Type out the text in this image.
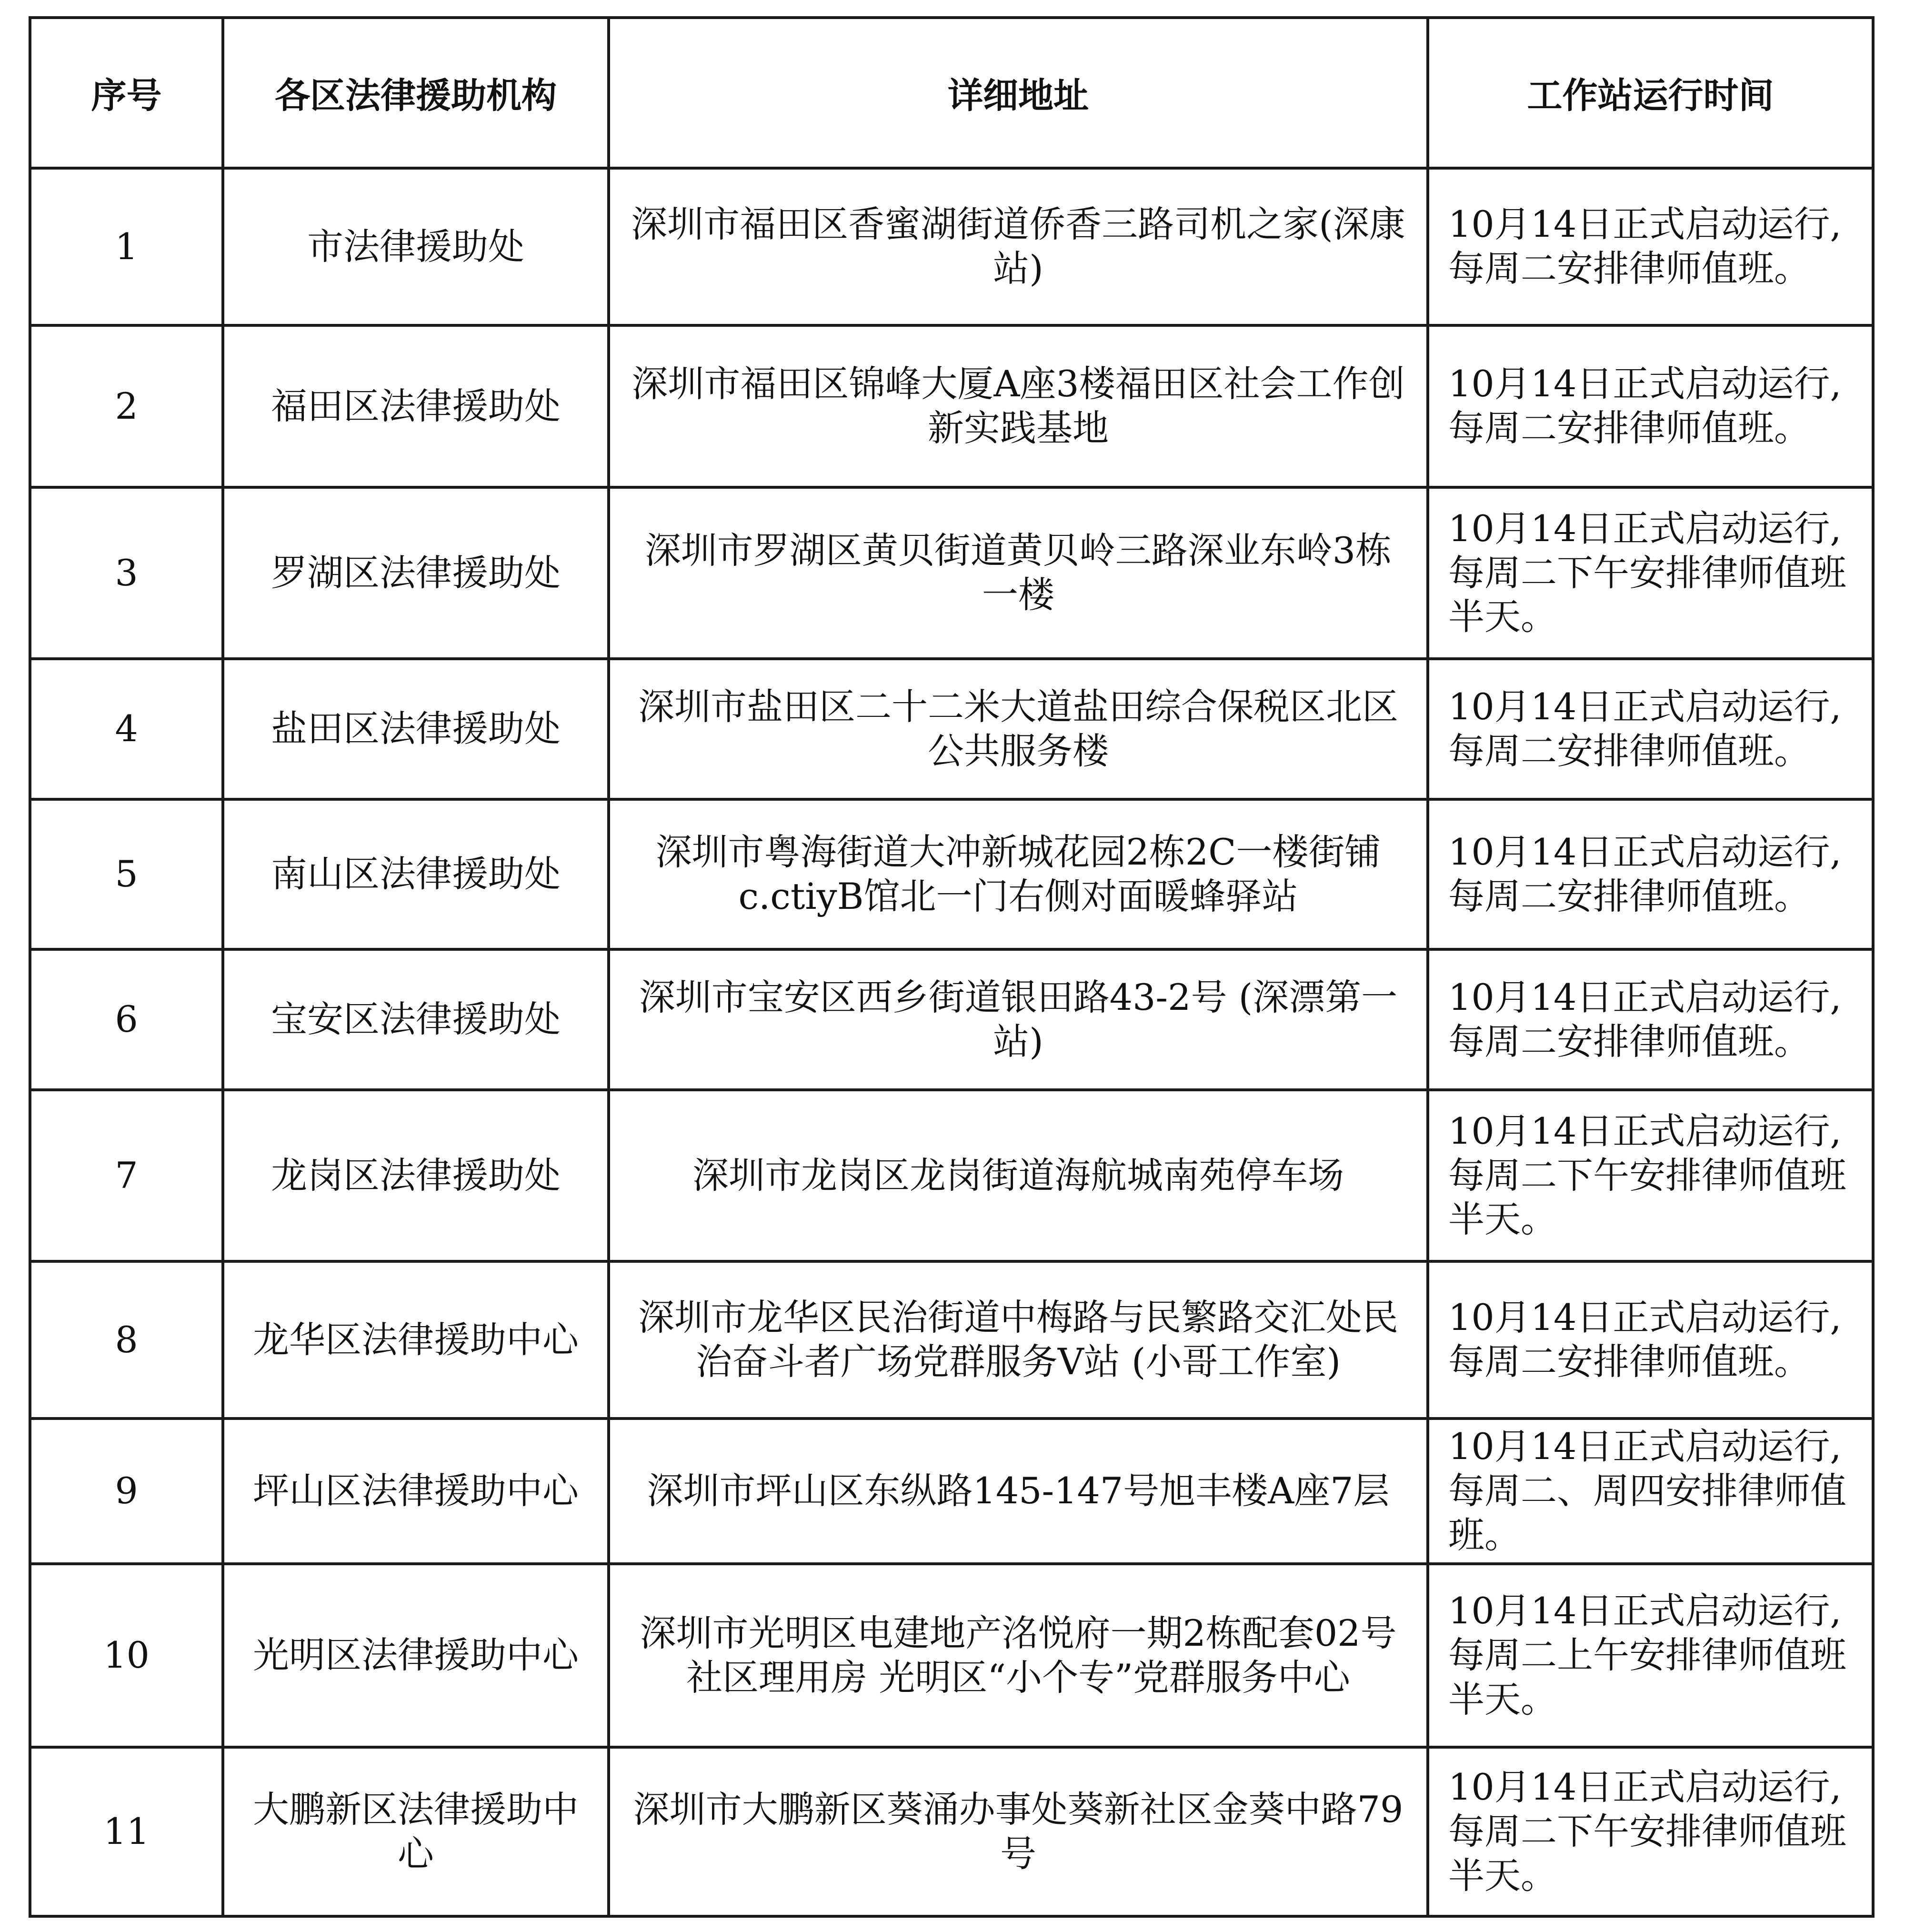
序号	各区法律援助机构	详细地址	工作站运行时间
1	市法律援助处	深圳市福田区香蜜湖街道侨香三路司机之家(深康站)	10月14日正式启动运行,每周二安排律师值班。
2	福田区法律援助处	深圳市福田区锦峰大厦A座3楼福田区社会工作创新实践基地	10月14日正式启动运行,每周二安排律师值班。
3	罗湖区法律援助处	深圳市罗湖区黄贝街道黄贝岭三路深业东岭3栋一楼	10月14日正式启动运行,每周二下午安排律师值班半天。
4	盐田区法律援助处	深圳市盐田区二十二米大道盐田综合保税区北区公共服务楼	10月14日正式启动运行,每周二安排律师值班。
5	南山区法律援助处	深圳市粤海街道大冲新城花园2栋2C一楼街铺c.ctiyB馆北一门右侧对面暖蜂驿站	10月14日正式启动运行,每周二安排律师值班。
6	宝安区法律援助处	深圳市宝安区西乡街道银田路43-2号 (深漂第一站)	10月14日正式启动运行,每周二安排律师值班。
7	龙岗区法律援助处	深圳市龙岗区龙岗街道海航城南苑停车场	10月14日正式启动运行,每周二下午安排律师值班半天。
8	龙华区法律援助中心	深圳市龙华区民治街道中梅路与民繁路交汇处民治奋斗者广场党群服务V站 (小哥工作室)	10月14日正式启动运行,每周二安排律师值班。
9	坪山区法律援助中心	深圳市坪山区东纵路145-147号旭丰楼A座7层	10月14日正式启动运行,每周二、周四安排律师值班。
10	光明区法律援助中心	深圳市光明区电建地产洺悦府一期2栋配套02号社区理用房 光明区“小个专”党群服务中心	10月14日正式启动运行,每周二上午安排律师值班半天。
11	大鹏新区法律援助中心	深圳市大鹏新区葵涌办事处葵新社区金葵中路79号	10月14日正式启动运行,每周二下午安排律师值班半天。
